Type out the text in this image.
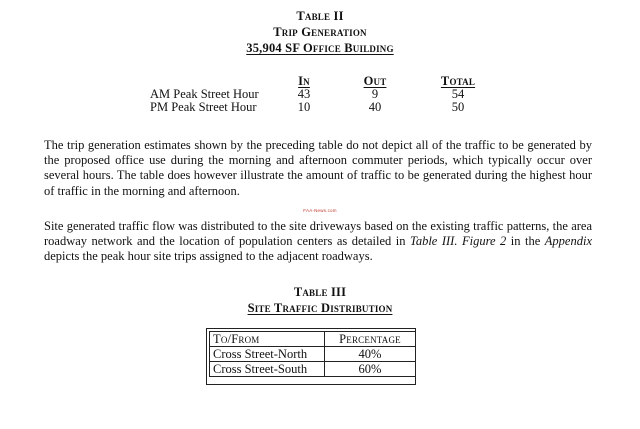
Table II
Trip Generation
35,904 SF Office Building
In	Out	Total
AM Peak Street Hour	43	9	54
PM Peak Street Hour	10	40	50

The trip generation estimates shown by the preceding table do not depict all of the traffic to be generated by the proposed office use during the morning and afternoon commuter periods, which typically occur over several hours. The table does however illustrate the amount of traffic to be generated during the highest hour of traffic in the morning and afternoon.

FAA-News.com

Site generated traffic flow was distributed to the site driveways based on the existing traffic patterns, the area roadway network and the location of population centers as detailed in Table III. Figure 2 in the Appendix depicts the peak hour site trips assigned to the adjacent roadways.

Table III
Site Traffic Distribution
To/From	Percentage
Cross Street-North	40%
Cross Street-South	60%
